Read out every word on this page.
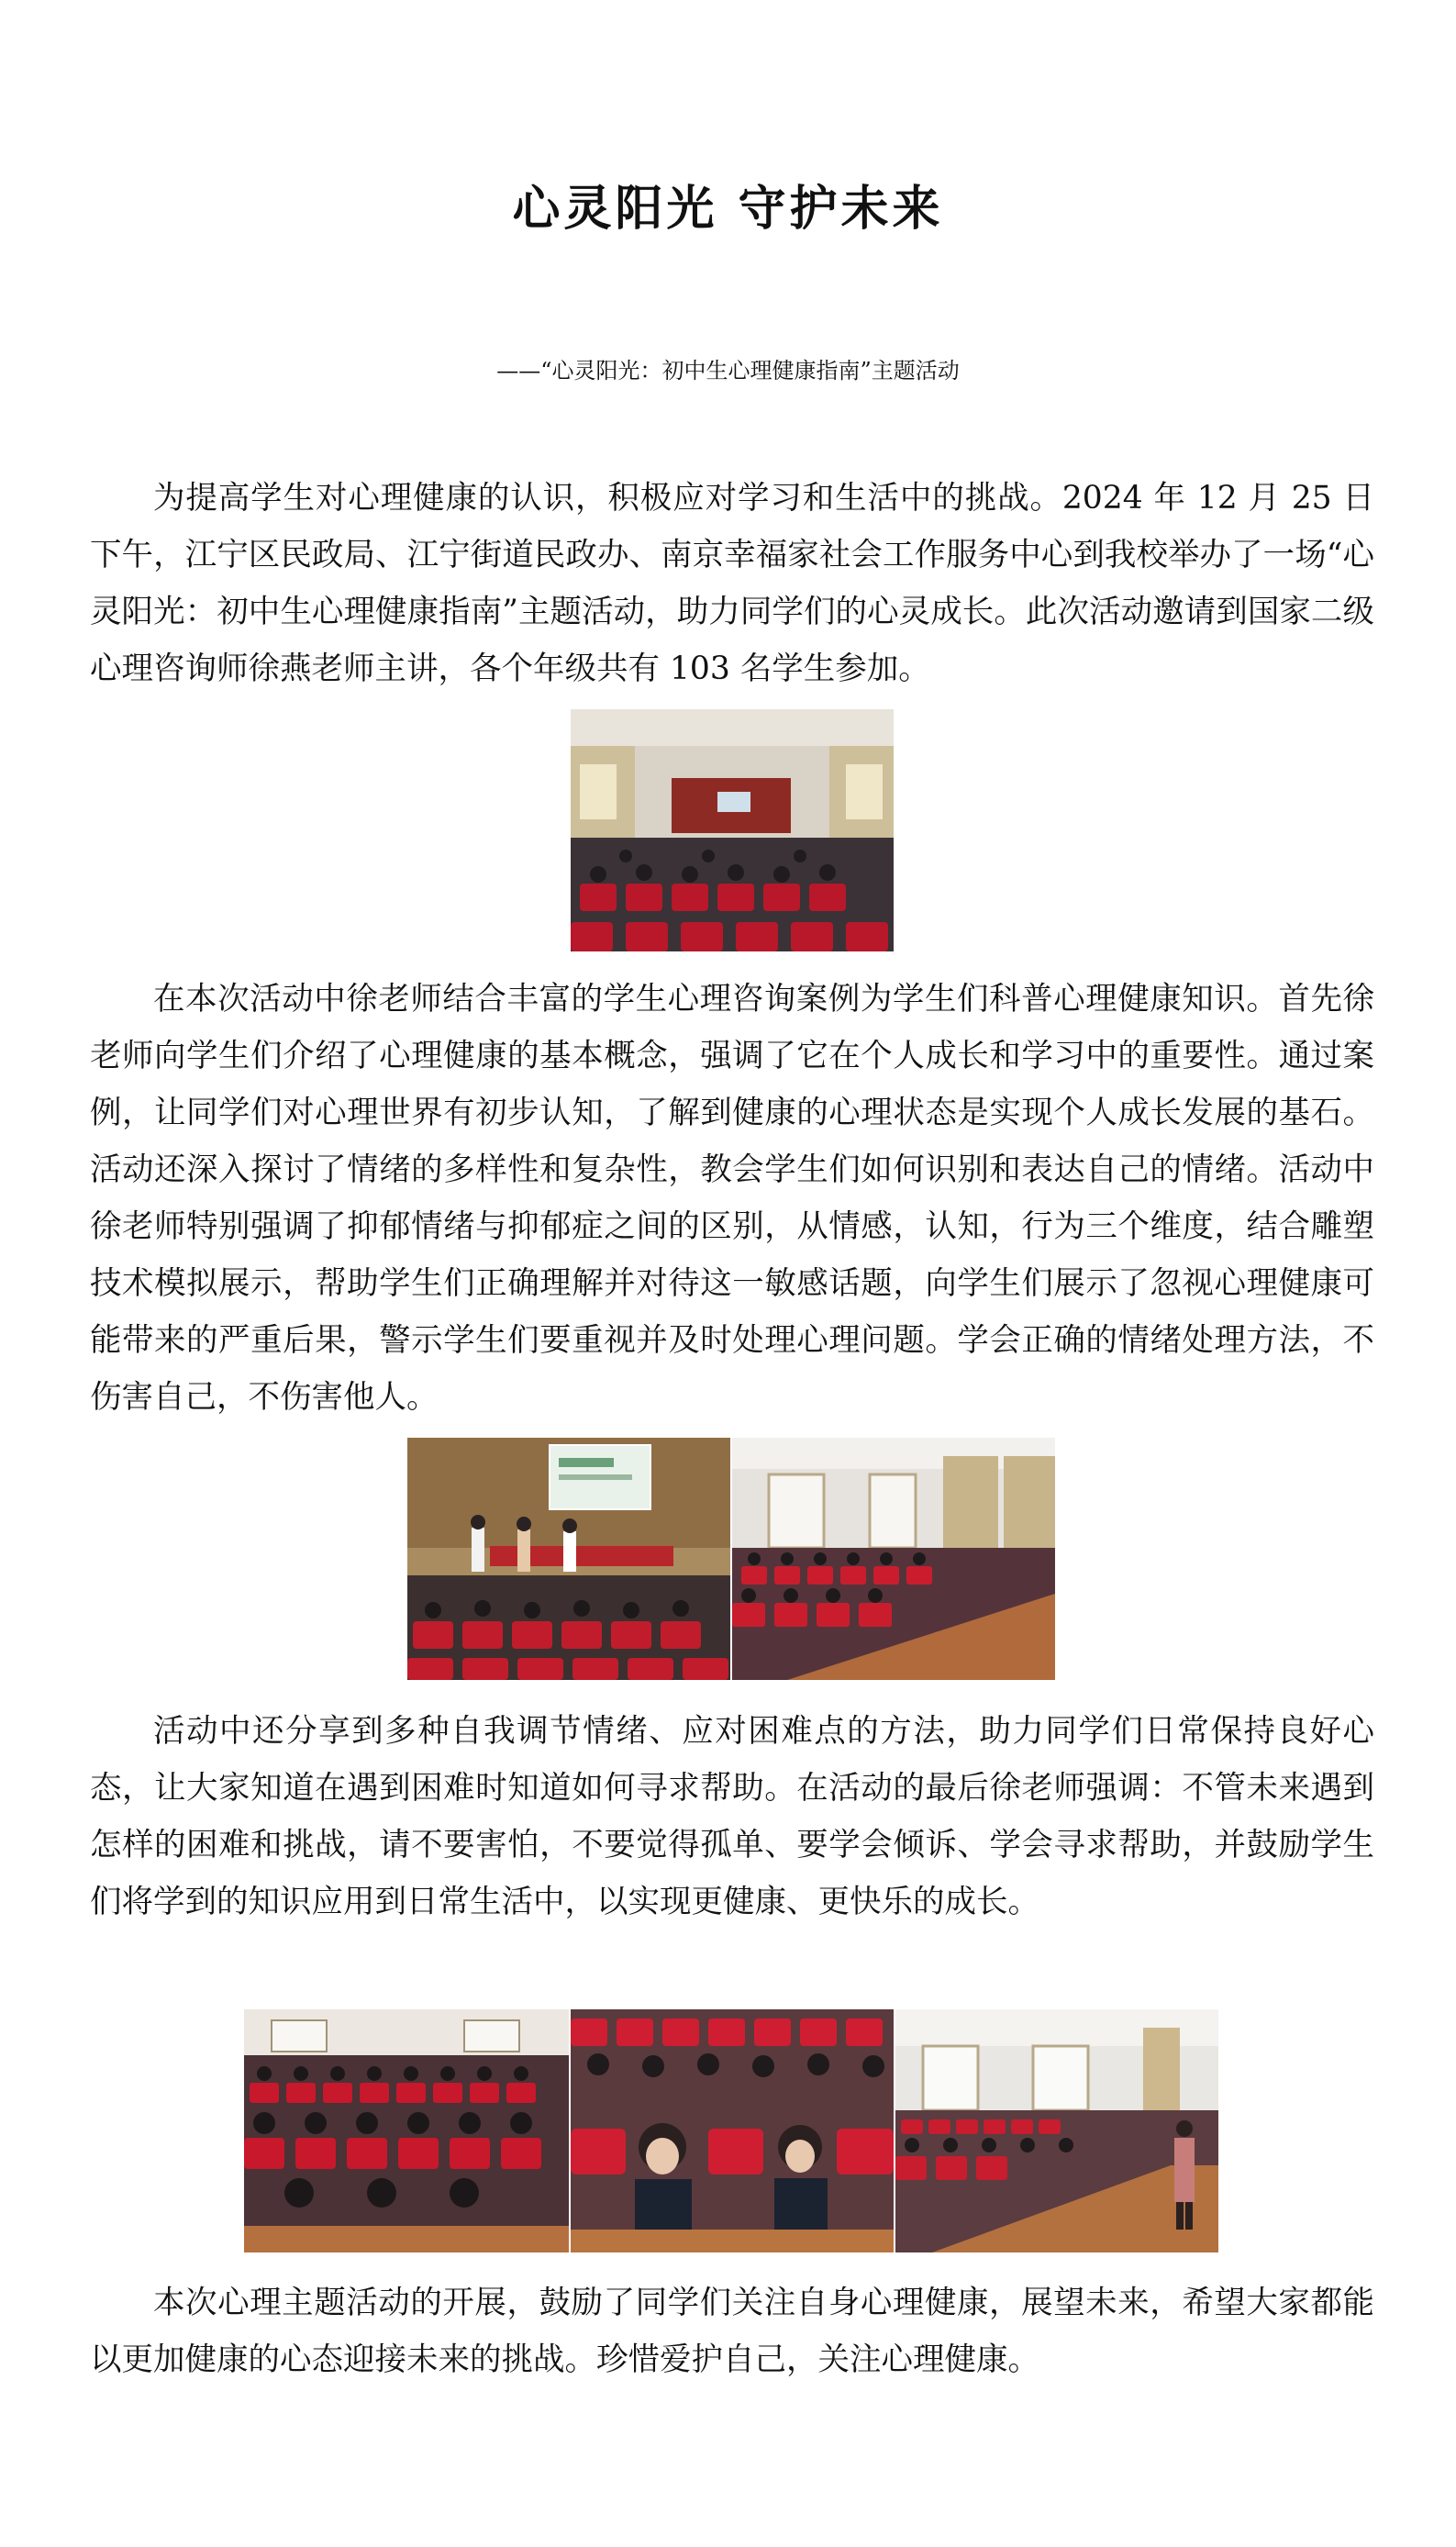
心灵阳光 守护未来
——“心灵阳光：初中生心理健康指南”主题活动

为提高学生对心理健康的认识，积极应对学习和生活中的挑战。2024 年 12 月 25 日下午，江宁区民政局、江宁街道民政办、南京幸福家社会工作服务中心到我校举办了一场“心灵阳光：初中生心理健康指南”主题活动，助力同学们的心灵成长。此次活动邀请到国家二级心理咨询师徐燕老师主讲，各个年级共有 103 名学生参加。

在本次活动中徐老师结合丰富的学生心理咨询案例为学生们科普心理健康知识。首先徐老师向学生们介绍了心理健康的基本概念，强调了它在个人成长和学习中的重要性。通过案例，让同学们对心理世界有初步认知，了解到健康的心理状态是实现个人成长发展的基石。活动还深入探讨了情绪的多样性和复杂性，教会学生们如何识别和表达自己的情绪。活动中徐老师特别强调了抑郁情绪与抑郁症之间的区别，从情感，认知，行为三个维度，结合雕塑技术模拟展示，帮助学生们正确理解并对待这一敏感话题，向学生们展示了忽视心理健康可能带来的严重后果，警示学生们要重视并及时处理心理问题。学会正确的情绪处理方法，不伤害自己，不伤害他人。

活动中还分享到多种自我调节情绪、应对困难点的方法，助力同学们日常保持良好心态，让大家知道在遇到困难时知道如何寻求帮助。在活动的最后徐老师强调：不管未来遇到怎样的困难和挑战，请不要害怕，不要觉得孤单、要学会倾诉、学会寻求帮助，并鼓励学生们将学到的知识应用到日常生活中，以实现更健康、更快乐的成长。

本次心理主题活动的开展，鼓励了同学们关注自身心理健康，展望未来，希望大家都能以更加健康的心态迎接未来的挑战。珍惜爱护自己，关注心理健康。
